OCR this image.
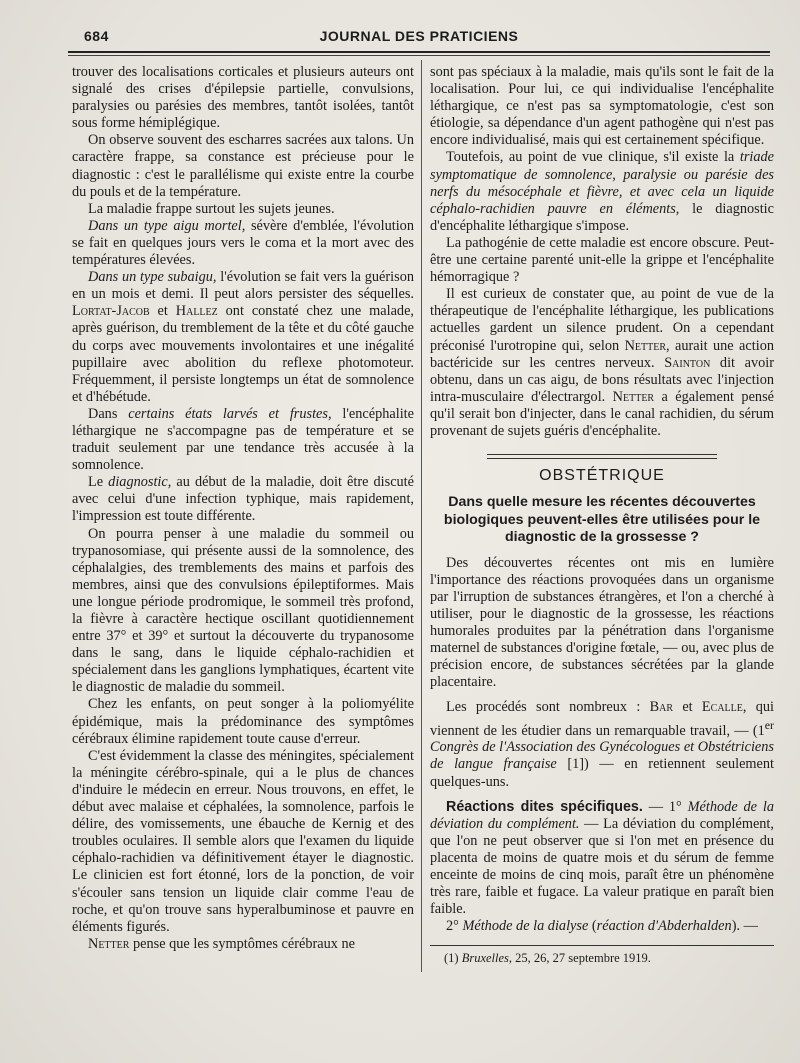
684	JOURNAL DES PRATICIENS

trouver des localisations corticales et plusieurs auteurs ont signalé des crises d'épilepsie partielle, convulsions, paralysies ou parésies des membres, tantôt isolées, tantôt sous forme hémiplégique.

On observe souvent des escharres sacrées aux talons. Un caractère frappe, sa constance est précieuse pour le diagnostic : c'est le parallélisme qui existe entre la courbe du pouls et de la température.

La maladie frappe surtout les sujets jeunes.

Dans un type aigu mortel, sévère d'emblée, l'évolution se fait en quelques jours vers le coma et la mort avec des températures élevées.

Dans un type subaigu, l'évolution se fait vers la guérison en un mois et demi. Il peut alors persister des séquelles. Lortat-Jacob et Hallez ont constaté chez une malade, après guérison, du tremblement de la tête et du côté gauche du corps avec mouvements involontaires et une inégalité pupillaire avec abolition du reflexe photomoteur. Fréquemment, il persiste longtemps un état de somnolence et d'hébétude.

Dans certains états larvés et frustes, l'encéphalite léthargique ne s'accompagne pas de température et se traduit seulement par une tendance très accusée à la somnolence.

Le diagnostic, au début de la maladie, doit être discuté avec celui d'une infection typhique, mais rapidement, l'impression est toute différente.

On pourra penser à une maladie du sommeil ou trypanosomiase, qui présente aussi de la somnolence, des céphalalgies, des tremblements des mains et parfois des membres, ainsi que des convulsions épileptiformes. Mais une longue période prodromique, le sommeil très profond, la fièvre à caractère hectique oscillant quotidiennement entre 37° et 39° et surtout la découverte du trypanosome dans le sang, dans le liquide céphalo-rachidien et spécialement dans les ganglions lymphatiques, écartent vite le diagnostic de maladie du sommeil.

Chez les enfants, on peut songer à la poliomyélite épidémique, mais la prédominance des symptômes cérébraux élimine rapidement toute cause d'erreur.

C'est évidemment la classe des méningites, spécialement la méningite cérébro-spinale, qui a le plus de chances d'induire le médecin en erreur. Nous trouvons, en effet, le début avec malaise et céphalées, la somnolence, parfois le délire, des vomissements, une ébauche de Kernig et des troubles oculaires. Il semble alors que l'examen du liquide céphalo-rachidien va définitivement étayer le diagnostic. Le clinicien est fort étonné, lors de la ponction, de voir s'écouler sans tension un liquide clair comme l'eau de roche, et qu'on trouve sans hyperalbuminose et pauvre en éléments figurés.

Netter pense que les symptômes cérébraux ne

sont pas spéciaux à la maladie, mais qu'ils sont le fait de la localisation. Pour lui, ce qui individualise l'encéphalite léthargique, ce n'est pas sa symptomatologie, c'est son étiologie, sa dépendance d'un agent pathogène qui n'est pas encore individualisé, mais qui est certainement spécifique.

Toutefois, au point de vue clinique, s'il existe la triade symptomatique de somnolence, paralysie ou parésie des nerfs du mésocéphale et fièvre, et avec cela un liquide céphalo-rachidien pauvre en éléments, le diagnostic d'encéphalite léthargique s'impose.

La pathogénie de cette maladie est encore obscure. Peut-être une certaine parenté unit-elle la grippe et l'encéphalite hémorragique ?

Il est curieux de constater que, au point de vue de la thérapeutique de l'encéphalite léthargique, les publications actuelles gardent un silence prudent. On a cependant préconisé l'urotropine qui, selon Netter, aurait une action bactéricide sur les centres nerveux. Sainton dit avoir obtenu, dans un cas aigu, de bons résultats avec l'injection intra-musculaire d'électrargol. Netter a également pensé qu'il serait bon d'injecter, dans le canal rachidien, du sérum provenant de sujets guéris d'encéphalite.

OBSTÉTRIQUE
Dans quelle mesure les récentes découvertes biologiques peuvent-elles être utilisées pour le diagnostic de la grossesse ?

Des découvertes récentes ont mis en lumière l'importance des réactions provoquées dans un organisme par l'irruption de substances étrangères, et l'on a cherché à utiliser, pour le diagnostic de la grossesse, les réactions humorales produites par la pénétration dans l'organisme maternel de substances d'origine fœtale, — ou, avec plus de précision encore, de substances sécrétées par la glande placentaire.

Les procédés sont nombreux : Bar et Ecalle, qui viennent de les étudier dans un remarquable travail, — (1er Congrès de l'Association des Gynécologues et Obstétriciens de langue française [1]) — en retiennent seulement quelques-uns.

Réactions dites spécifiques. — 1° Méthode de la déviation du complément. — La déviation du complément, que l'on ne peut observer que si l'on met en présence du placenta de moins de quatre mois et du sérum de femme enceinte de moins de cinq mois, paraît être un phénomène très rare, faible et fugace. La valeur pratique en paraît bien faible.

2° Méthode de la dialyse (réaction d'Abderhalden). —

(1) Bruxelles, 25, 26, 27 septembre 1919.
